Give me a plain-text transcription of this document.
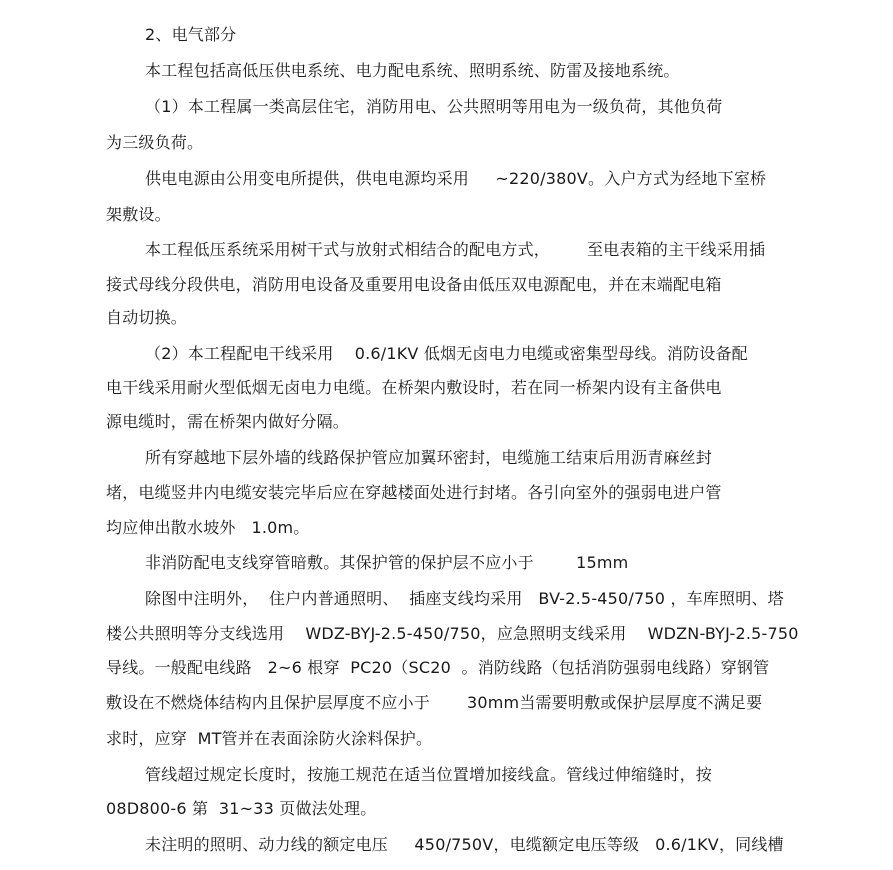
2、电气部分
本工程包括高低压供电系统、电力配电系统、照明系统、防雷及接地系统。
（1）本工程属一类高层住宅，消防用电、公共照明等用电为一级负荷，其他负荷
为三级负荷。
供电电源由公用变电所提供，供电电源均采用     ~220/380V。入户方式为经地下室桥
架敷设。
本工程低压系统采用树干式与放射式相结合的配电方式，       至电表箱的主干线采用插
接式母线分段供电，消防用电设备及重要用电设备由低压双电源配电，并在末端配电箱
自动切换。
（2）本工程配电干线采用    0.6/1KV 低烟无卤电力电缆或密集型母线。消防设备配
电干线采用耐火型低烟无卤电力电缆。在桥架内敷设时，若在同一桥架内设有主备供电
源电缆时，需在桥架内做好分隔。
所有穿越地下层外墙的线路保护管应加翼环密封，电缆施工结束后用沥青麻丝封
堵，电缆竖井内电缆安装完毕后应在穿越楼面处进行封堵。各引向室外的强弱电进户管
均应伸出散水坡外   1.0m。
非消防配电支线穿管暗敷。其保护管的保护层不应小于        15mm
除图中注明外，  住户内普通照明、  插座支线均采用   BV-2.5-450/750 ，车库照明、塔
楼公共照明等分支线选用    WDZ-BYJ-2.5-450/750，应急照明支线采用    WDZN-BYJ-2.5-750
导线。一般配电线路   2~6 根穿  PC20（SC20  。消防线路（包括消防强弱电线路）穿钢管
敷设在不燃烧体结构内且保护层厚度不应小于       30mm当需要明敷或保护层厚度不满足要
求时，应穿  MT管并在表面涂防火涂料保护。
管线超过规定长度时，按施工规范在适当位置增加接线盒。管线过伸缩缝时，按
08D800-6 第  31~33 页做法处理。
未注明的照明、动力线的额定电压     450/750V，电缆额定电压等级   0.6/1KV，同线槽
